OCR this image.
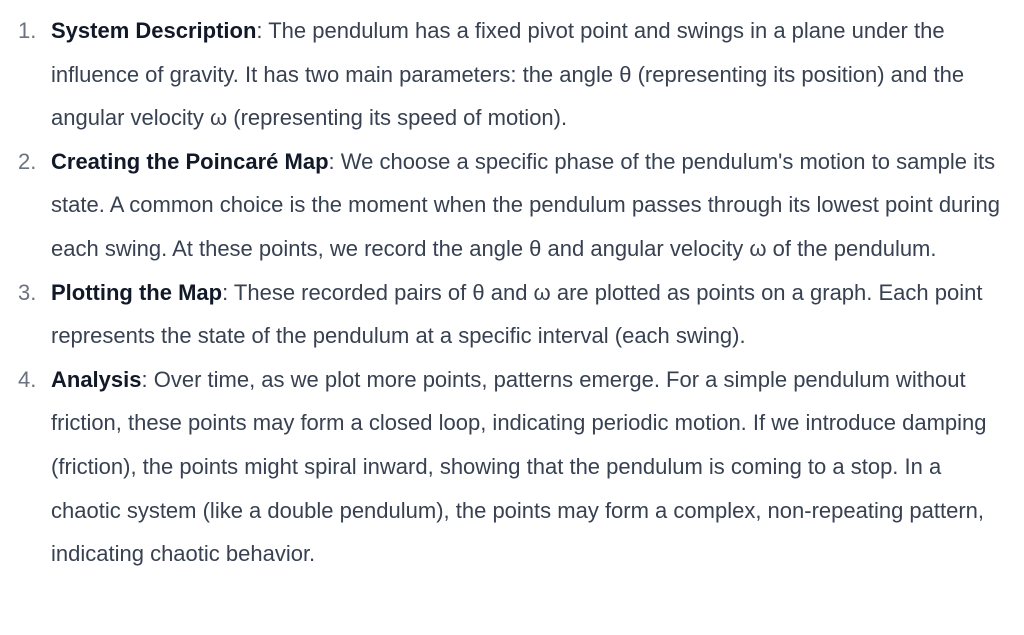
1. System Description: The pendulum has a fixed pivot point and swings in a plane under the influence of gravity. It has two main parameters: the angle θ (representing its position) and the angular velocity ω (representing its speed of motion).
2. Creating the Poincaré Map: We choose a specific phase of the pendulum's motion to sample its state. A common choice is the moment when the pendulum passes through its lowest point during each swing. At these points, we record the angle θ and angular velocity ω of the pendulum.
3. Plotting the Map: These recorded pairs of θ and ω are plotted as points on a graph. Each point represents the state of the pendulum at a specific interval (each swing).
4. Analysis: Over time, as we plot more points, patterns emerge. For a simple pendulum without friction, these points may form a closed loop, indicating periodic motion. If we introduce damping (friction), the points might spiral inward, showing that the pendulum is coming to a stop. In a chaotic system (like a double pendulum), the points may form a complex, non-repeating pattern, indicating chaotic behavior.
